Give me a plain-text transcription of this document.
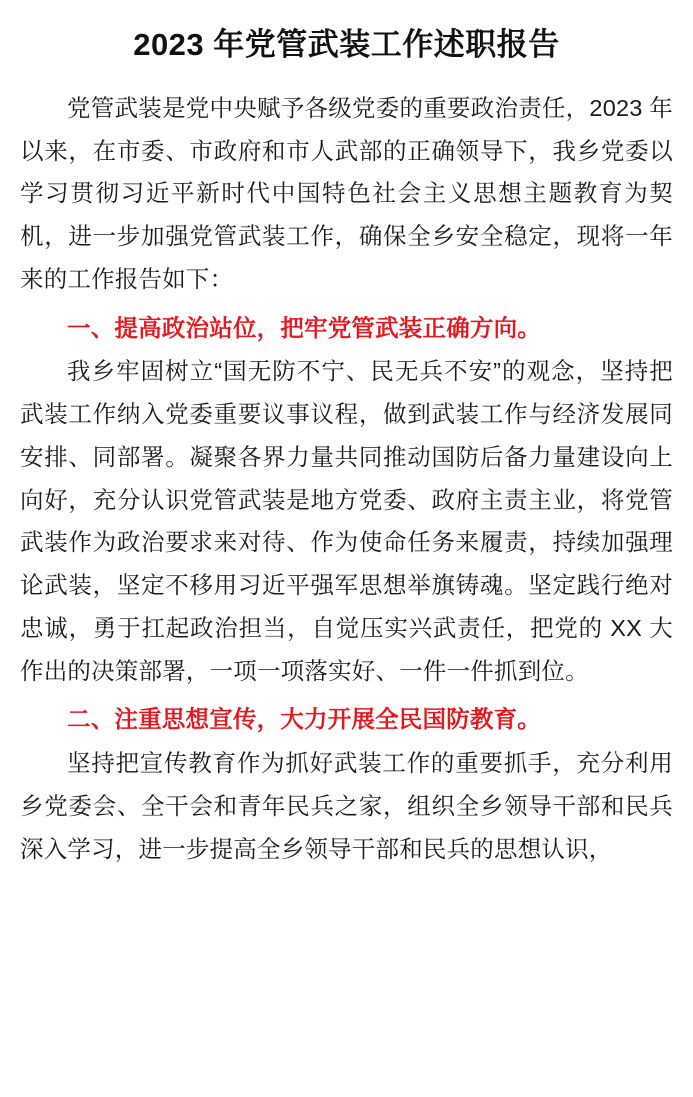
2023 年党管武装工作述职报告

党管武装是党中央赋予各级党委的重要政治责任，2023 年以来，在市委、市政府和市人武部的正确领导下，我乡党委以学习贯彻习近平新时代中国特色社会主义思想主题教育为契机，进一步加强党管武装工作，确保全乡安全稳定，现将一年来的工作报告如下：

一、提高政治站位，把牢党管武装正确方向。

我乡牢固树立“国无防不宁、民无兵不安”的观念，坚持把武装工作纳入党委重要议事议程，做到武装工作与经济发展同安排、同部署。凝聚各界力量共同推动国防后备力量建设向上向好，充分认识党管武装是地方党委、政府主责主业，将党管武装作为政治要求来对待、作为使命任务来履责，持续加强理论武装，坚定不移用习近平强军思想举旗铸魂。坚定践行绝对忠诚，勇于扛起政治担当，自觉压实兴武责任，把党的 XX 大作出的决策部署，一项一项落实好、一件一件抓到位。

二、注重思想宣传，大力开展全民国防教育。

坚持把宣传教育作为抓好武装工作的重要抓手，充分利用乡党委会、全干会和青年民兵之家，组织全乡领导干部和民兵深入学习，进一步提高全乡领导干部和民兵的思想认识，
